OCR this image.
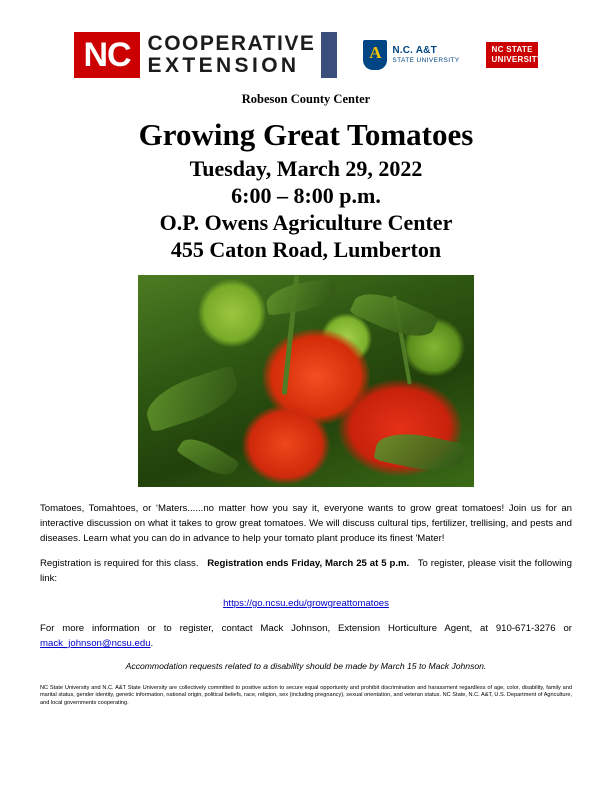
NC COOPERATIVE
EXTENSION
A
N.C. A&T
STATE UNIVERSITY
NC STATE
UNIVERSITY
Robeson County Center
Growing Great Tomatoes
Tuesday, March 29, 2022
6:00 – 8:00 p.m.
O.P. Owens Agriculture Center
455 Caton Road, Lumberton

Tomatoes, Tomahtoes, or ‘Maters......no matter how you say it, everyone wants to grow great tomatoes! Join us for an interactive discussion on what it takes to grow great tomatoes. We will discuss cultural tips, fertilizer, trellising, and pests and diseases. Learn what you can do in advance to help your tomato plant produce its finest 'Mater!

Registration is required for this class. Registration ends Friday, March 25 at 5 p.m. To register, please visit the following link:

https://go.ncsu.edu/growgreattomatoes

For more information or to register, contact Mack Johnson, Extension Horticulture Agent, at 910-671-3276 or mack_johnson@ncsu.edu.

Accommodation requests related to a disability should be made by March 15 to Mack Johnson.
NC State University and N.C. A&T State University are collectively committed to positive action to secure equal opportunity and prohibit discrimination and harassment regardless of age, color, disability, family and marital status, gender identity, genetic information, national origin, political beliefs, race, religion, sex (including pregnancy), sexual orientation, and veteran status. NC State, N.C. A&T, U.S. Department of Agriculture, and local governments cooperating.
